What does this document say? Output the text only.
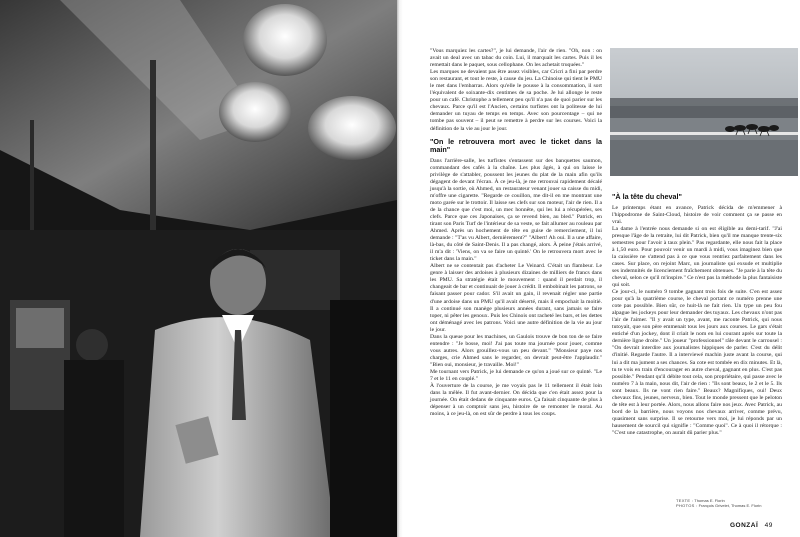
"Vous marquiez les cartes?", je lui demande, l'air de rien. "Oh, non : on avait un deal avec un tabac du coin. Lui, il marquait les cartes. Puis il les remettait dans le paquet, sous cellophane. On les achetait truquées."

Les marques ne devaient pas être assez visibles, car Cricri a fini par perdre son restaurant, et tout le reste, à cause du jeu. La Chinoise qui tient le PMU le met dans l'embarras. Alors qu'elle le pousse à la consommation, il sort l'équivalent de soixante-dix centimes de sa poche. Je lui allonge le reste pour un café. Christophe a tellement peu qu'il n'a pas de quoi parier sur les chevaux. Parce qu'il est l'Ancien, certains turfistes ont la politesse de lui demander un tuyau de temps en temps. Avec son pourcentage – qui ne tombe pas souvent – il peut se remettre à perdre sur les courses. Voici la définition de la vie au jour le jour.

"On le retrouvera mort avec le ticket dans la main"

Dans l'arrière-salle, les turfistes s'entassent sur des banquettes saumon, commandant des cafés à la chaîne. Les plus âgés, à qui on laisse le privilège de s'attabler, poussent les jeunes du plat de la main afin qu'ils dégagent de devant l'écran. À ce jeu-là, je me retrouvai rapidement décalé jusqu'à la sortie, où Ahmed, un restaurateur venant jouer sa caisse du midi, m'offre une cigarette. "Regarde ce couillon, me dit-il en me montrant une moto garée sur le trottoir. Il laisse ses clefs sur son moteur, l'air de rien. Il a de la chance que c'est moi, un mec honnête, qui les lui a récupérées, ses clefs. Parce que ces Japonaises, ça se revend bien, au bled." Patrick, en tirant son Paris Turf de l'intérieur de sa veste, se fait allumer au rouleau par Ahmed. Après un hochement de tête en guise de remerciement, il lui demande : "T'as vu Albert, dernièrement?" "Albert! Ah oui. Il a une affaire, là-bas, du côté de Saint-Denis. Il a pas changé, alors. À peine j'étais arrivé, il m'a dit : 'Viens, on va se faire un quinté.' On le retrouvera mort avec le ticket dans la main."

Albert ne se contentait pas d'acheter Le Veinard. C'était un flambeur. Le genre à laisser des ardoises à plusieurs dizaines de milliers de francs dans les PMU. Sa stratégie était le mouvement : quand il perdait trop, il changeait de bar et continuait de jouer à crédit. Il embobinait les patrons, se faisant passer pour cador. S'il avait un gain, il revenait régler une partie d'une ardoise dans un PMU qu'il avait déserté, mais il empochait la moitié. Il a continué son manège plusieurs années durant, sans jamais se faire toper, ni pêter les genoux. Puis les Chinois ont racheté les bars, et les dettes ont déménagé avec les patrons. Voici une autre définition de la vie au jour le jour.

Dans la queue pour les machines, un Gaulois trouve de bon ton de se faire entendre : "Je bosse, moi! J'ai pas toute ma journée pour jouer, comme vous autres. Alors grouillez-vous un peu devant." "Monsieur paye nos charges, crie Ahmed sans le regarder, on devrait peut-être l'applaudir." "Bien oui, monsieur, je travaille. Moi!"

Me tournant vers Patrick, je lui demande ce qu'on a joué sur ce quinté. "Le 7 et le 11 en couplé."

À l'ouverture de la course, je me voyais pas le 11 tellement il était loin dans la mêlée. Il fut avant-dernier. On décida que c'en était assez pour la journée. On était dedans de cinquante euros. Ça faisait cinquante de plus à dépenser à un comptoir sans jeu, histoire de se remonter le moral. Au moins, à ce jeu-là, on est sûr de perdre à tous les coups.

"À la tête du cheval"

Le printemps étant en avance, Patrick décida de m'emmener à l'hippodrome de Saint-Cloud, histoire de voir comment ça se passe en vrai.

La dame à l'entrée nous demande si on est éligible au demi-tarif. "J'ai presque l'âge de la retraite, lui dit Patrick, bien qu'il me manque trente-six semestres pour l'avoir à taux plein." Pas regardante, elle nous fait la place à 1,50 euro. Pour pouvoir venir un mardi à midi, vous imaginez bien que la caissière ne s'attend pas à ce que vous rentriez parfaitement dans les cases. Sur place, on rejoint Marc, un journaliste qui exsude et multiplie ses indemnités de licenciement fraîchement obtenues. "Je parie à la tête du cheval, selon ce qu'il m'inspire." Ce n'est pas la méthode la plus fantaisiste qui soit.

Ce jour-ci, le numéro 9 tombe gagnant trois fois de suite. C'en est assez pour qu'à la quatrième course, le cheval portant ce numéro prenne une cote pas possible. Bien sûr, ce huit-là ne fait rien. Un type un peu fou alpague les jockeys pour leur demander des tuyaux. Les chevaux n'ont pas l'air de l'aimer. "Il y avait un type, avant, me raconte Patrick, qui nous tutoyait, que son père emmenait tous les jours aux courses. Le gars s'était entiché d'un jockey, dont il criait le nom en lui courant après sur toute la dernière ligne droite." Un joueur "professionnel" râle devant le carrousel : "On devrait interdire aux journalistes hippiques de parler. C'est du délit d'initié. Regarde l'autre. Il a interviewé machin juste avant la course, qui lui a dit ma jument a ses chances. Sa cote est tombée en dix minutes. Et là, tu te vois en train d'encourager en autre cheval, gagnant en plus. C'est pas possible." Pendant qu'il débite tout cela, son propriétaire, qui passe avec le numéro 7 à la main, nous dit, l'air de rien : "Ils sont beaux, le 2 et le 5. Ils sont beaux. Ils ne vont rien faire." Beaux? Magnifiques, oui! Deux chevaux fins, jeunes, nerveux, bien. Tout le monde pressent que le peloton de tête est à leur portée. Alors, nous allons faire nos jeux. Avec Patrick, au bord de la barrière, nous voyons nos chevaux arriver, comme prévu, quasiment sans surprise. Il se retourne vers moi, je lui réponds par un hausement de sourcil qui signifie : "Comme quoi". Ce à quoi il rétorque : "C'est une catastrophe, on aurait dû parier plus."

TEXTE : Thomas E. Florin
PHOTOS : François Grivelet, Thomas E. Florin
GONZAÏ 49
